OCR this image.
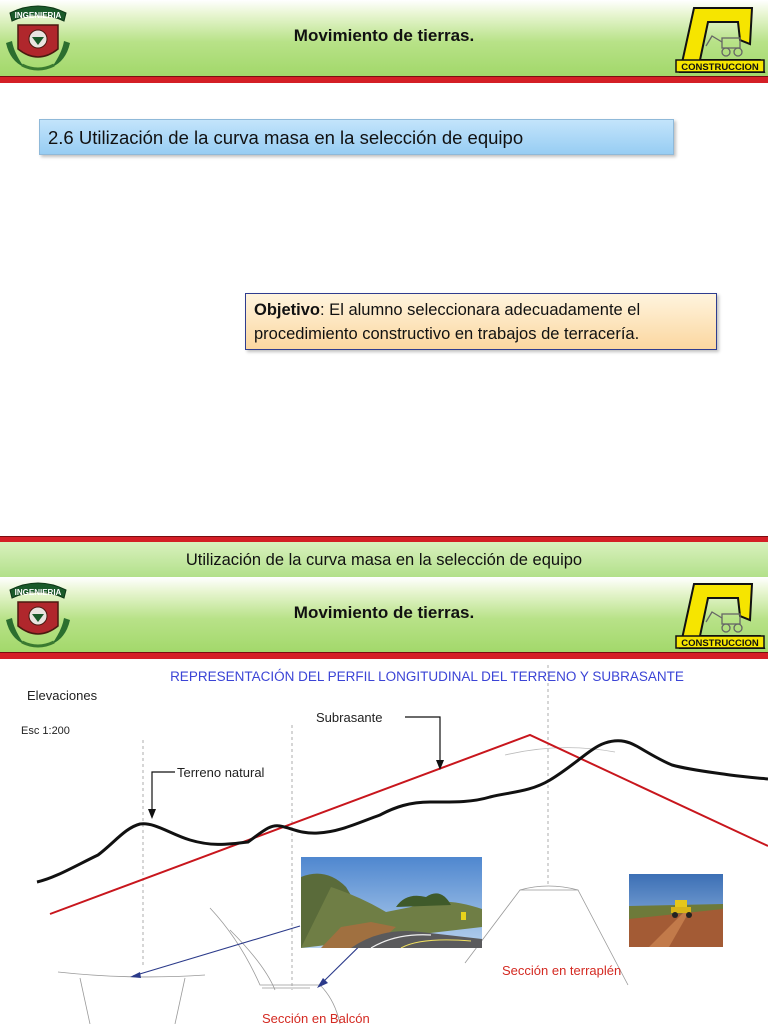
Movimiento de tierras.
INGENIERIA
CONSTRUCCION
2.6 Utilización de la curva masa en la selección de equipo
Objetivo: El alumno seleccionara adecuadamente el procedimiento constructivo en trabajos de terracería.
Utilización de la curva masa en la selección de equipo
Movimiento de tierras.
INGENIERIA
CONSTRUCCION
REPRESENTACIÓN DEL PERFIL LONGITUDINAL DEL TERRENO Y SUBRASANTE
Elevaciones
Esc 1:200
Subrasante
Terreno natural
Sección en terraplén
Sección en Balcón
